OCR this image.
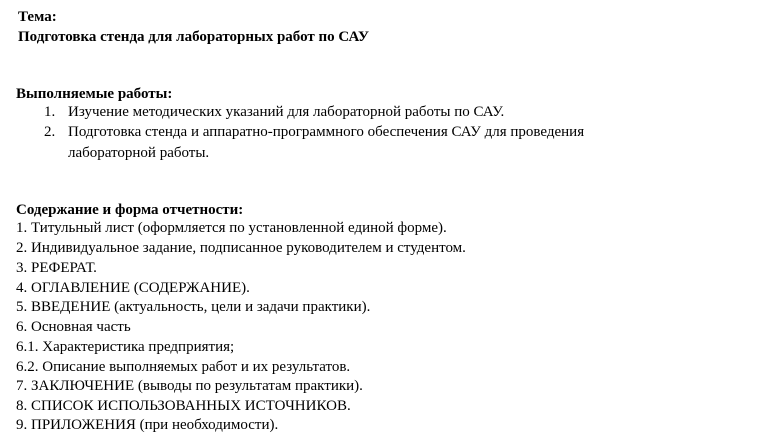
Тема:

Подготовка стенда для лабораторных работ по САУ

Выполняемые работы:

1. Изучение методических указаний для лабораторной работы по САУ.

2. Подготовка стенда и аппаратно-программного обеспечения САУ для проведения

лабораторной работы.

Содержание и форма отчетности:

1. Титульный лист (оформляется по установленной единой форме).

2. Индивидуальное задание, подписанное руководителем и студентом.

3. РЕФЕРАТ.

4. ОГЛАВЛЕНИЕ (СОДЕРЖАНИЕ).

5. ВВЕДЕНИЕ (актуальность, цели и задачи практики).

6. Основная часть

6.1. Характеристика предприятия;

6.2. Описание выполняемых работ и их результатов.

7. ЗАКЛЮЧЕНИЕ (выводы по результатам практики).

8. СПИСОК ИСПОЛЬЗОВАННЫХ ИСТОЧНИКОВ.

9. ПРИЛОЖЕНИЯ (при необходимости).
